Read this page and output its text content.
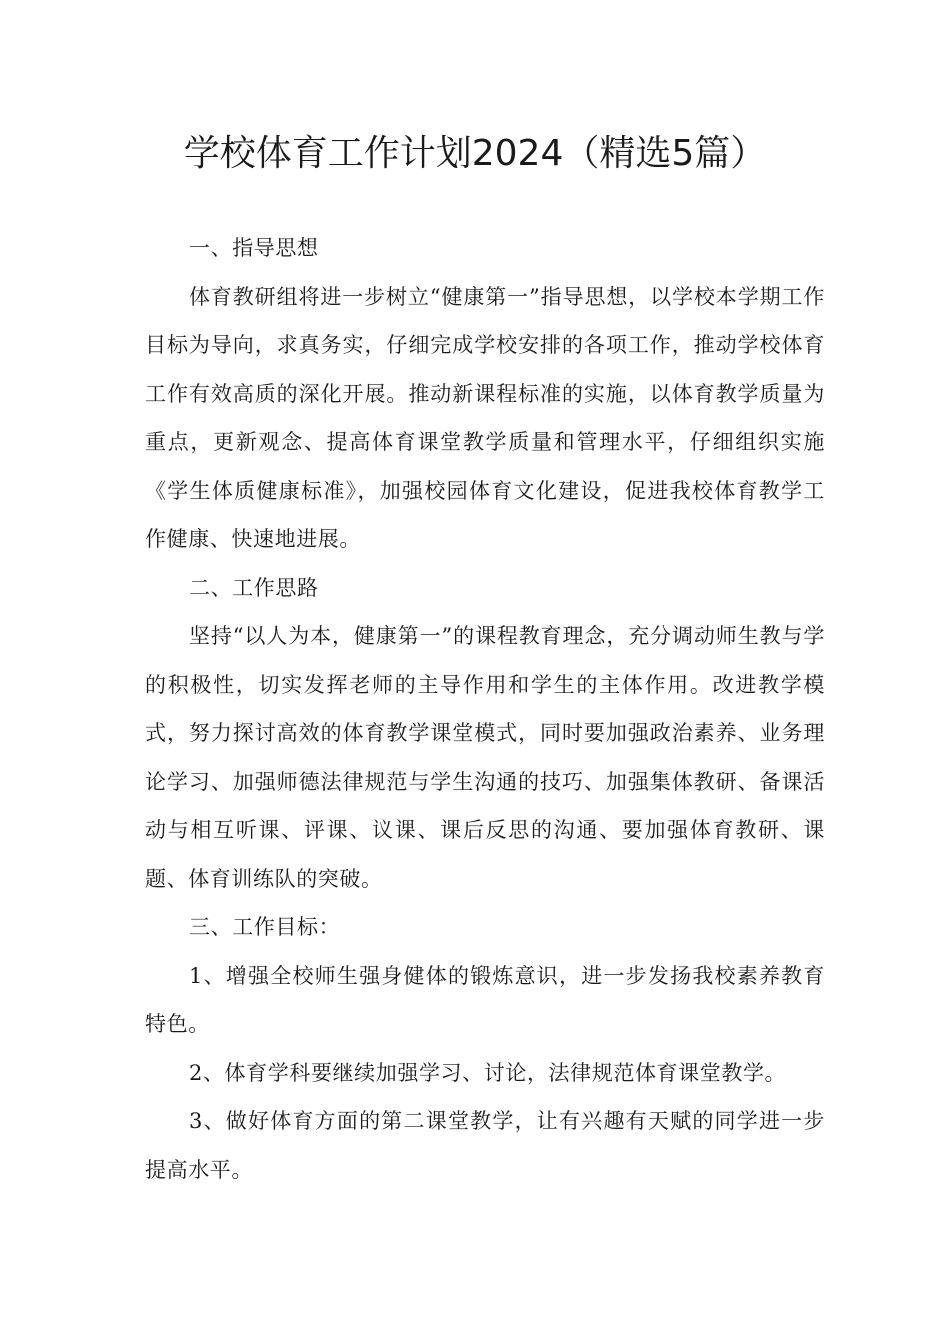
学校体育工作计划2024（精选5篇）

一、指导思想

体育教研组将进一步树立“健康第一”指导思想，以学校本学期工作目标为导向，求真务实，仔细完成学校安排的各项工作，推动学校体育工作有效高质的深化开展。推动新课程标准的实施，以体育教学质量为重点，更新观念、提高体育课堂教学质量和管理水平，仔细组织实施《学生体质健康标准》，加强校园体育文化建设，促进我校体育教学工作健康、快速地进展。

二、工作思路

坚持“以人为本，健康第一”的课程教育理念，充分调动师生教与学的积极性，切实发挥老师的主导作用和学生的主体作用。改进教学模式，努力探讨高效的体育教学课堂模式，同时要加强政治素养、业务理论学习、加强师德法律规范与学生沟通的技巧、加强集体教研、备课活动与相互听课、评课、议课、课后反思的沟通、要加强体育教研、课题、体育训练队的突破。

三、工作目标：

1、增强全校师生强身健体的锻炼意识，进一步发扬我校素养教育特色。

2、体育学科要继续加强学习、讨论，法律规范体育课堂教学。

3、做好体育方面的第二课堂教学，让有兴趣有天赋的同学进一步提高水平。
